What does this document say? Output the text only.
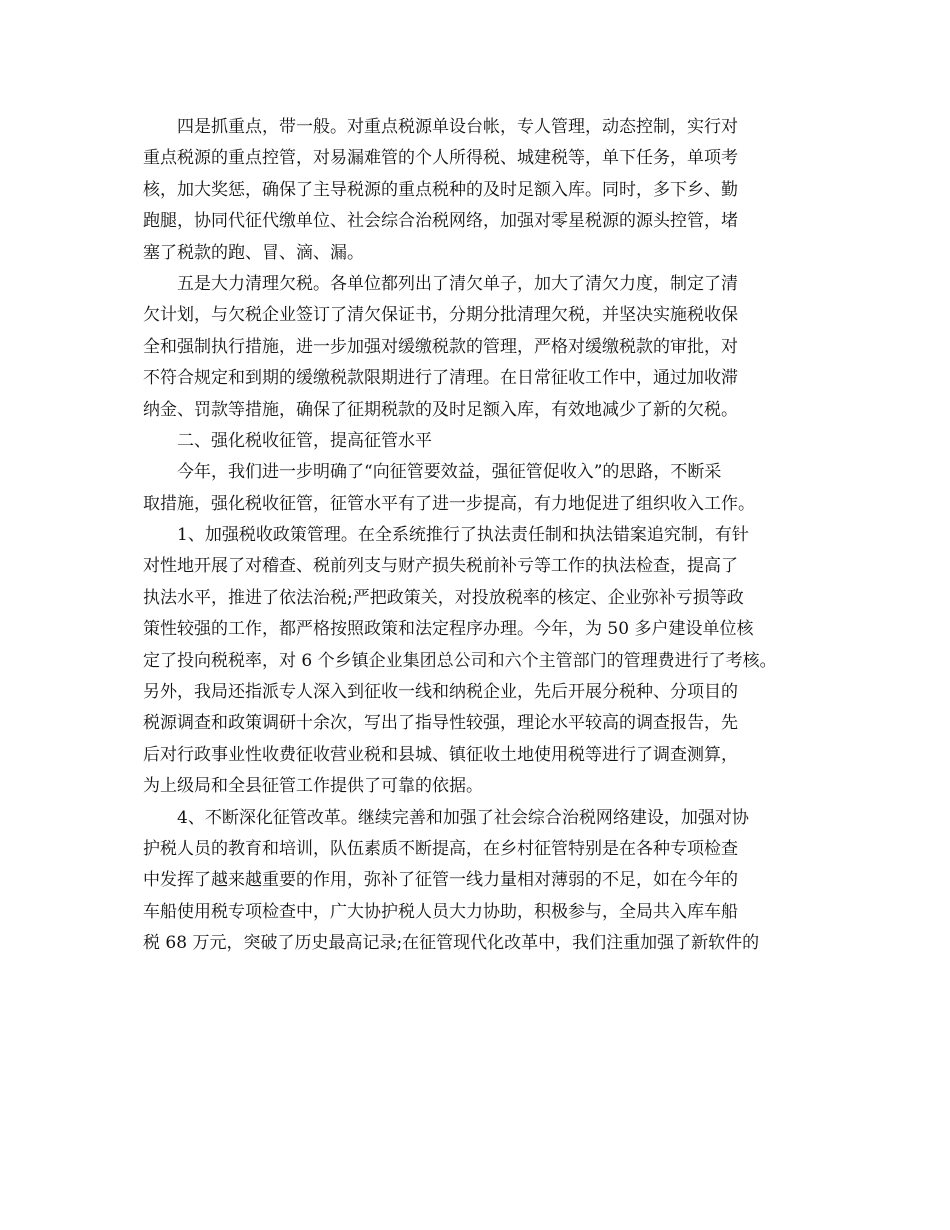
四是抓重点，带一般。对重点税源单设台帐，专人管理，动态控制，实行对
重点税源的重点控管，对易漏难管的个人所得税、城建税等，单下任务，单项考
核，加大奖惩，确保了主导税源的重点税种的及时足额入库。同时，多下乡、勤
跑腿，协同代征代缴单位、社会综合治税网络，加强对零星税源的源头控管，堵
塞了税款的跑、冒、滴、漏。
五是大力清理欠税。各单位都列出了清欠单子，加大了清欠力度，制定了清
欠计划，与欠税企业签订了清欠保证书，分期分批清理欠税，并坚决实施税收保
全和强制执行措施，进一步加强对缓缴税款的管理，严格对缓缴税款的审批，对
不符合规定和到期的缓缴税款限期进行了清理。在日常征收工作中，通过加收滞
纳金、罚款等措施，确保了征期税款的及时足额入库，有效地减少了新的欠税。
二、强化税收征管，提高征管水平
今年，我们进一步明确了“向征管要效益，强征管促收入”的思路，不断采
取措施，强化税收征管，征管水平有了进一步提高，有力地促进了组织收入工作。
1、加强税收政策管理。在全系统推行了执法责任制和执法错案追究制，有针
对性地开展了对稽查、税前列支与财产损失税前补亏等工作的执法检查，提高了
执法水平，推进了依法治税;严把政策关，对投放税率的核定、企业弥补亏损等政
策性较强的工作，都严格按照政策和法定程序办理。今年，为 50 多户建设单位核
定了投向税税率，对 6 个乡镇企业集团总公司和六个主管部门的管理费进行了考核。
另外，我局还指派专人深入到征收一线和纳税企业，先后开展分税种、分项目的
税源调查和政策调研十余次，写出了指导性较强，理论水平较高的调查报告，先
后对行政事业性收费征收营业税和县城、镇征收土地使用税等进行了调查测算，
为上级局和全县征管工作提供了可靠的依据。
4、不断深化征管改革。继续完善和加强了社会综合治税网络建设，加强对协
护税人员的教育和培训，队伍素质不断提高，在乡村征管特别是在各种专项检查
中发挥了越来越重要的作用，弥补了征管一线力量相对薄弱的不足，如在今年的
车船使用税专项检查中，广大协护税人员大力协助，积极参与，全局共入库车船
税 68 万元，突破了历史最高记录;在征管现代化改革中，我们注重加强了新软件的
